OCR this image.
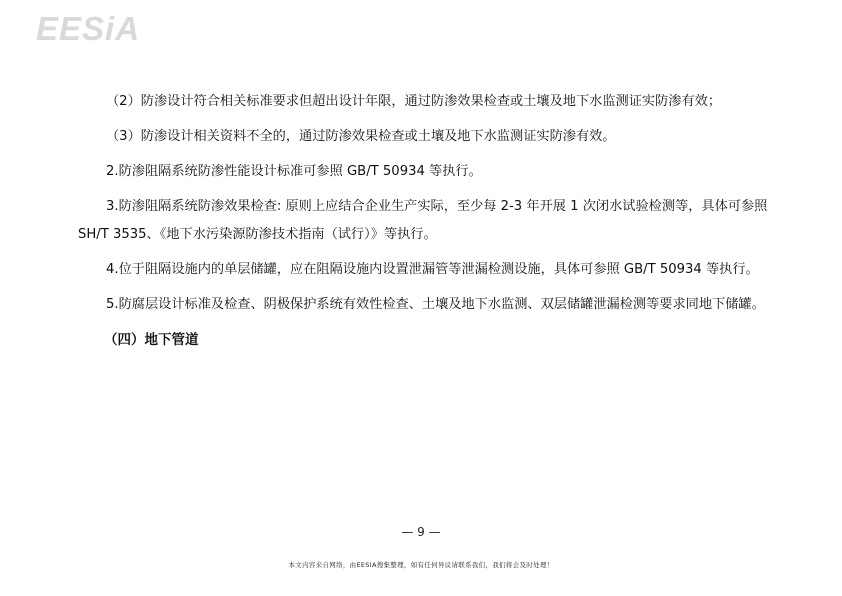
EESiA

（2）防渗设计符合相关标准要求但超出设计年限，通过防渗效果检查或土壤及地下水监测证实防渗有效；

（3）防渗设计相关资料不全的，通过防渗效果检查或土壤及地下水监测证实防渗有效。

2.防渗阻隔系统防渗性能设计标准可参照 GB/T 50934 等执行。

3.防渗阻隔系统防渗效果检查: 原则上应结合企业生产实际，至少每 2-3 年开展 1 次闭水试验检测等，具体可参照 SH/T 3535、《地下水污染源防渗技术指南（试行）》等执行。

4.位于阻隔设施内的单层储罐，应在阻隔设施内设置泄漏管等泄漏检测设施，具体可参照 GB/T 50934 等执行。

5.防腐层设计标准及检查、阴极保护系统有效性检查、土壤及地下水监测、双层储罐泄漏检测等要求同地下储罐。

（四）地下管道

— 9 —
本文内容来自网络，由EESIA搜集整理，如有任何异议请联系我们，我们将会及时处理！
